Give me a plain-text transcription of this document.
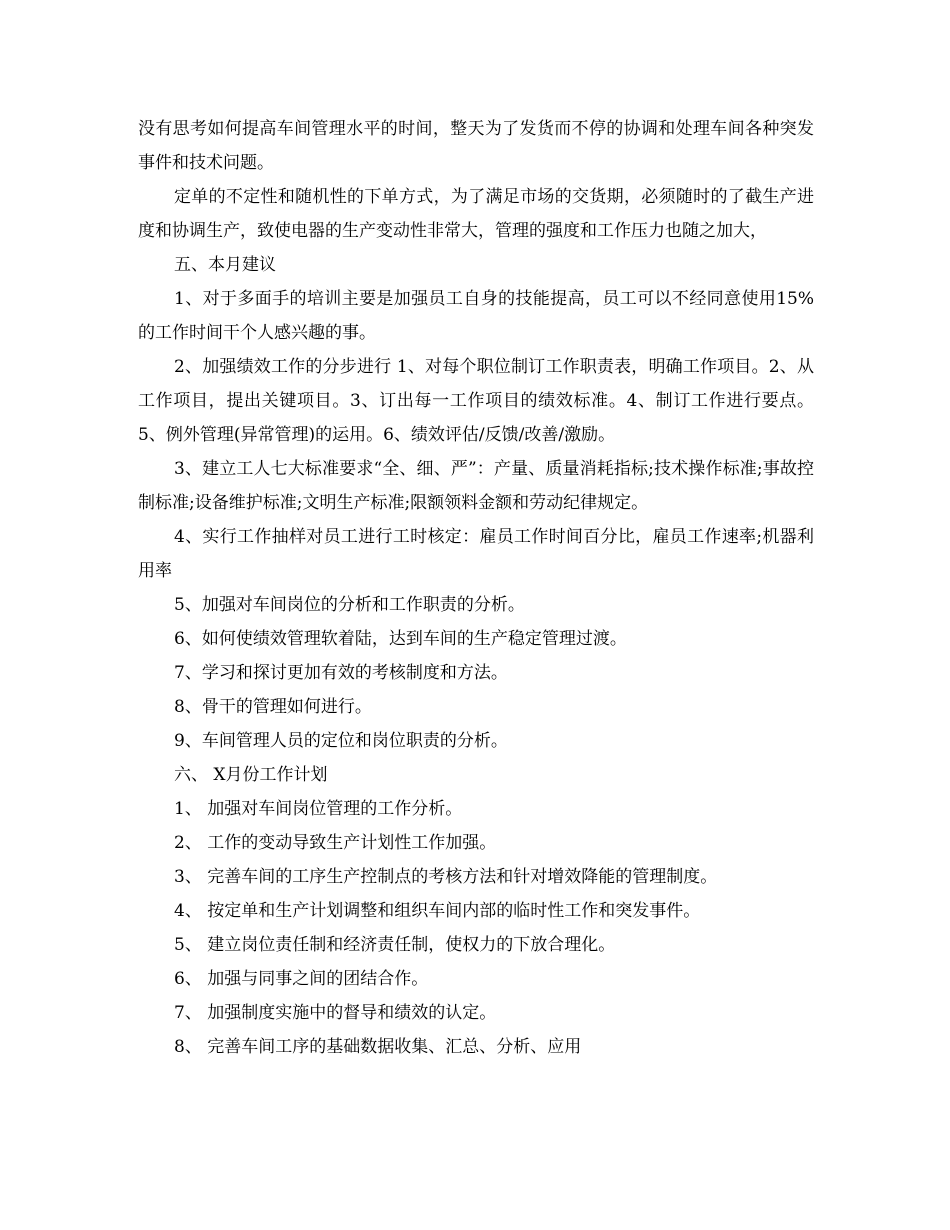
没有思考如何提高车间管理水平的时间，整天为了发货而不停的协调和处理车间各种突发事件和技术问题。

定单的不定性和随机性的下单方式，为了满足市场的交货期，必须随时的了截生产进度和协调生产，致使电器的生产变动性非常大，管理的强度和工作压力也随之加大，

五、本月建议

1、对于多面手的培训主要是加强员工自身的技能提高，员工可以不经同意使用15%的工作时间干个人感兴趣的事。

2、加强绩效工作的分步进行 1、对每个职位制订工作职责表，明确工作项目。2、从工作项目，提出关键项目。3、订出每一工作项目的绩效标准。4、制订工作进行要点。5、例外管理(异常管理)的运用。6、绩效评估/反馈/改善/激励。

3、建立工人七大标准要求“全、细、严”：产量、质量消耗指标;技术操作标准;事故控制标准;设备维护标准;文明生产标准;限额领料金额和劳动纪律规定。

4、实行工作抽样对员工进行工时核定：雇员工作时间百分比，雇员工作速率;机器利用率

5、加强对车间岗位的分析和工作职责的分析。

6、如何使绩效管理软着陆，达到车间的生产稳定管理过渡。

7、学习和探讨更加有效的考核制度和方法。

8、骨干的管理如何进行。

9、车间管理人员的定位和岗位职责的分析。

六、 X月份工作计划

1、 加强对车间岗位管理的工作分析。

2、 工作的变动导致生产计划性工作加强。

3、 完善车间的工序生产控制点的考核方法和针对增效降能的管理制度。

4、 按定单和生产计划调整和组织车间内部的临时性工作和突发事件。

5、 建立岗位责任制和经济责任制，使权力的下放合理化。

6、 加强与同事之间的团结合作。

7、 加强制度实施中的督导和绩效的认定。

8、 完善车间工序的基础数据收集、汇总、分析、应用
